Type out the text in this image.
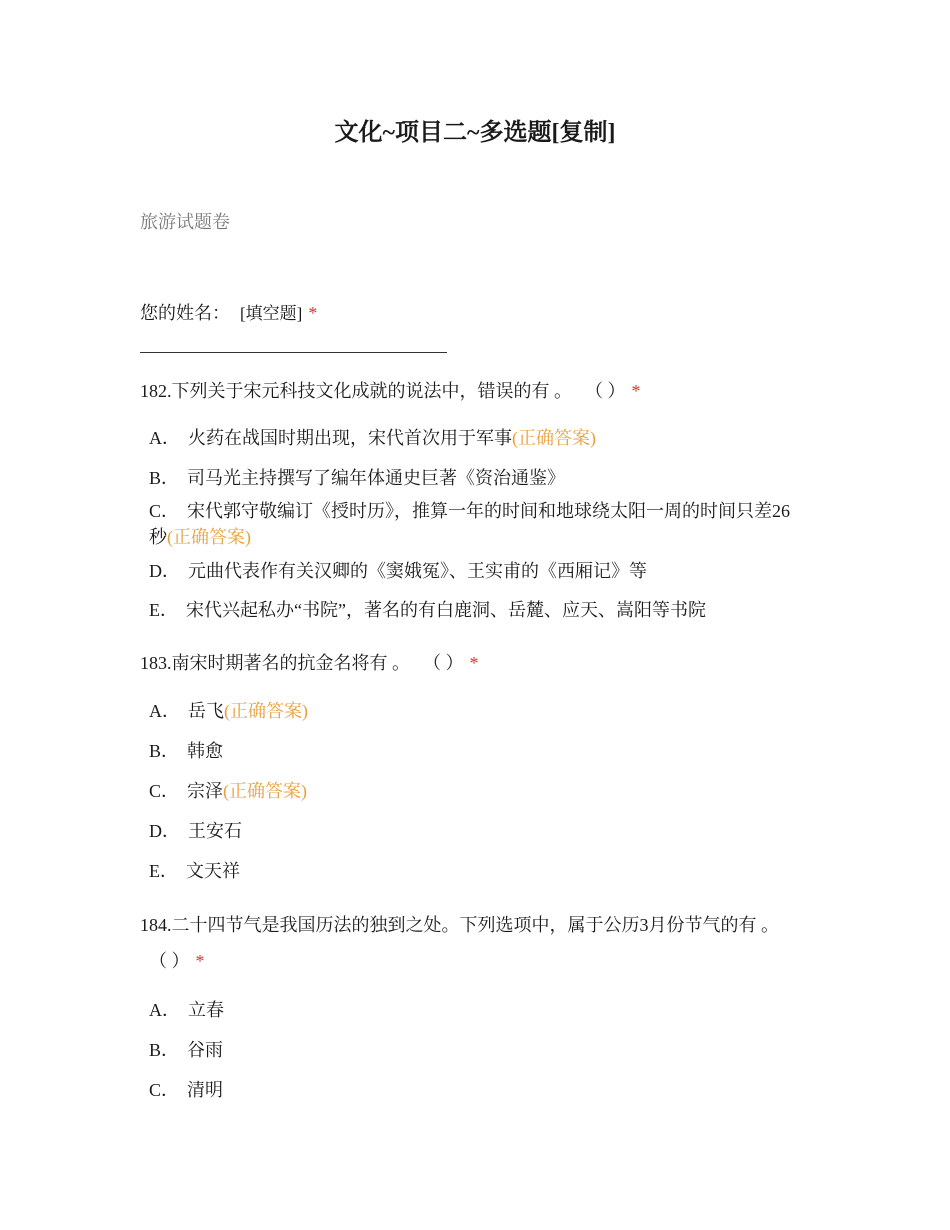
文化~项目二~多选题[复制]
旅游试题卷
您的姓名： [填空题] *
182.下列关于宋元科技文化成就的说法中，错误的有 。 （ ） *
A． 火药在战国时期出现，宋代首次用于军事(正确答案)
B． 司马光主持撰写了编年体通史巨著《资治通鉴》
C． 宋代郭守敬编订《授时历》，推算一年的时间和地球绕太阳一周的时间只差26秒(正确答案)
D． 元曲代表作有关汉卿的《窦娥冤》、王实甫的《西厢记》等
E． 宋代兴起私办“书院”，著名的有白鹿洞、岳麓、应天、嵩阳等书院
183.南宋时期著名的抗金名将有 。 （ ） *
A． 岳飞(正确答案)
B． 韩愈
C． 宗泽(正确答案)
D． 王安石
E． 文天祥
184.二十四节气是我国历法的独到之处。下列选项中，属于公历3月份节气的有 。
（ ） *
A． 立春
B． 谷雨
C． 清明
